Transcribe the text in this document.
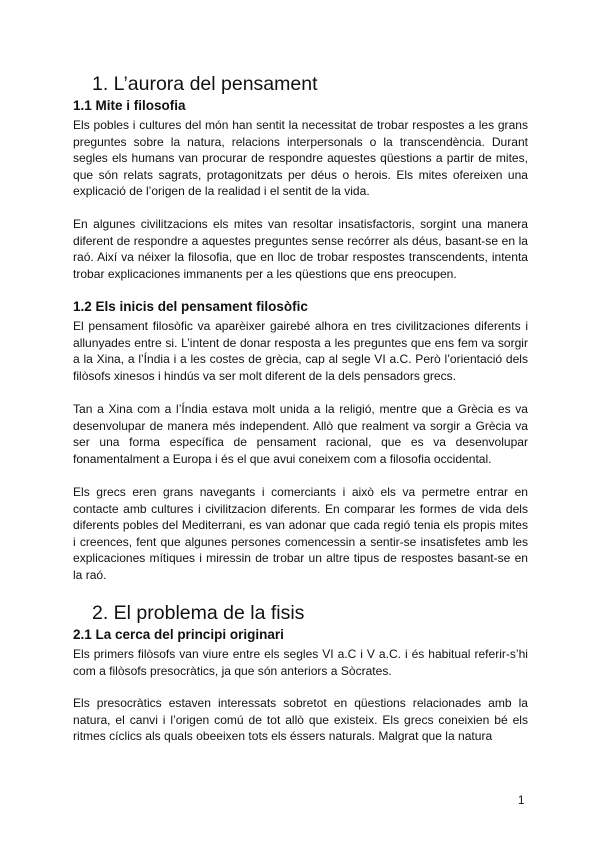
1. L’aurora del pensament
1.1 Mite i filosofia

Els pobles i cultures del món han sentit la necessitat de trobar respostes a les grans preguntes sobre la natura, relacions interpersonals o la transcendència. Durant segles els humans van procurar de respondre aquestes qüestions a partir de mites, que són relats sagrats, protagonitzats per déus o herois. Els mites ofereixen una explicació de l’origen de la realidad i el sentit de la vida.

En algunes civilitzacions els mites van resoltar insatisfactoris, sorgint una manera diferent de respondre a aquestes preguntes sense recórrer als déus, basant-se en la raó. Així va néixer la filosofia, que en lloc de trobar respostes transcendents, intenta trobar explicaciones immanents per a les qüestions que ens preocupen.

1.2 Els inicis del pensament filosòfic

El pensament filosòfic va aparèixer gairebé alhora en tres civilitzaciones diferents i allunyades entre si. L’intent de donar resposta a les preguntes que ens fem va sorgir a la Xina, a l’Índia i a les costes de grècia, cap al segle VI a.C. Però l’orientació dels filòsofs xinesos i hindús va ser molt diferent de la dels pensadors grecs.

Tan a Xina com a l’Índia estava molt unida a la religió, mentre que a Grècia es va desenvolupar de manera més independent. Allò que realment va sorgir a Grècia va ser una forma específica de pensament racional, que es va desenvolupar fonamentalment a Europa i és el que avui coneixem com a filosofia occidental.

Els grecs eren grans navegants i comerciants i això els va permetre entrar en contacte amb cultures i civilitzacion diferents. En comparar les formes de vida dels diferents pobles del Mediterrani, es van adonar que cada regió tenia els propis mites i creences, fent que algunes persones comencessin a sentir-se insatisfetes amb les explicaciones mítiques i miressin de trobar un altre tipus de respostes basant-se en la raó.

2. El problema de la fisis
2.1 La cerca del principi originari

Els primers filòsofs van viure entre els segles VI a.C i V a.C. i és habitual referir-s’hi com a filòsofs presocràtics, ja que són anteriors a Sòcrates.

Els presocràtics estaven interessats sobretot en qüestions relacionades amb la natura, el canvi i l’origen comú de tot allò que existeix. Els grecs coneixien bé els ritmes cíclics als quals obeeixen tots els éssers naturals. Malgrat que la natura

1
